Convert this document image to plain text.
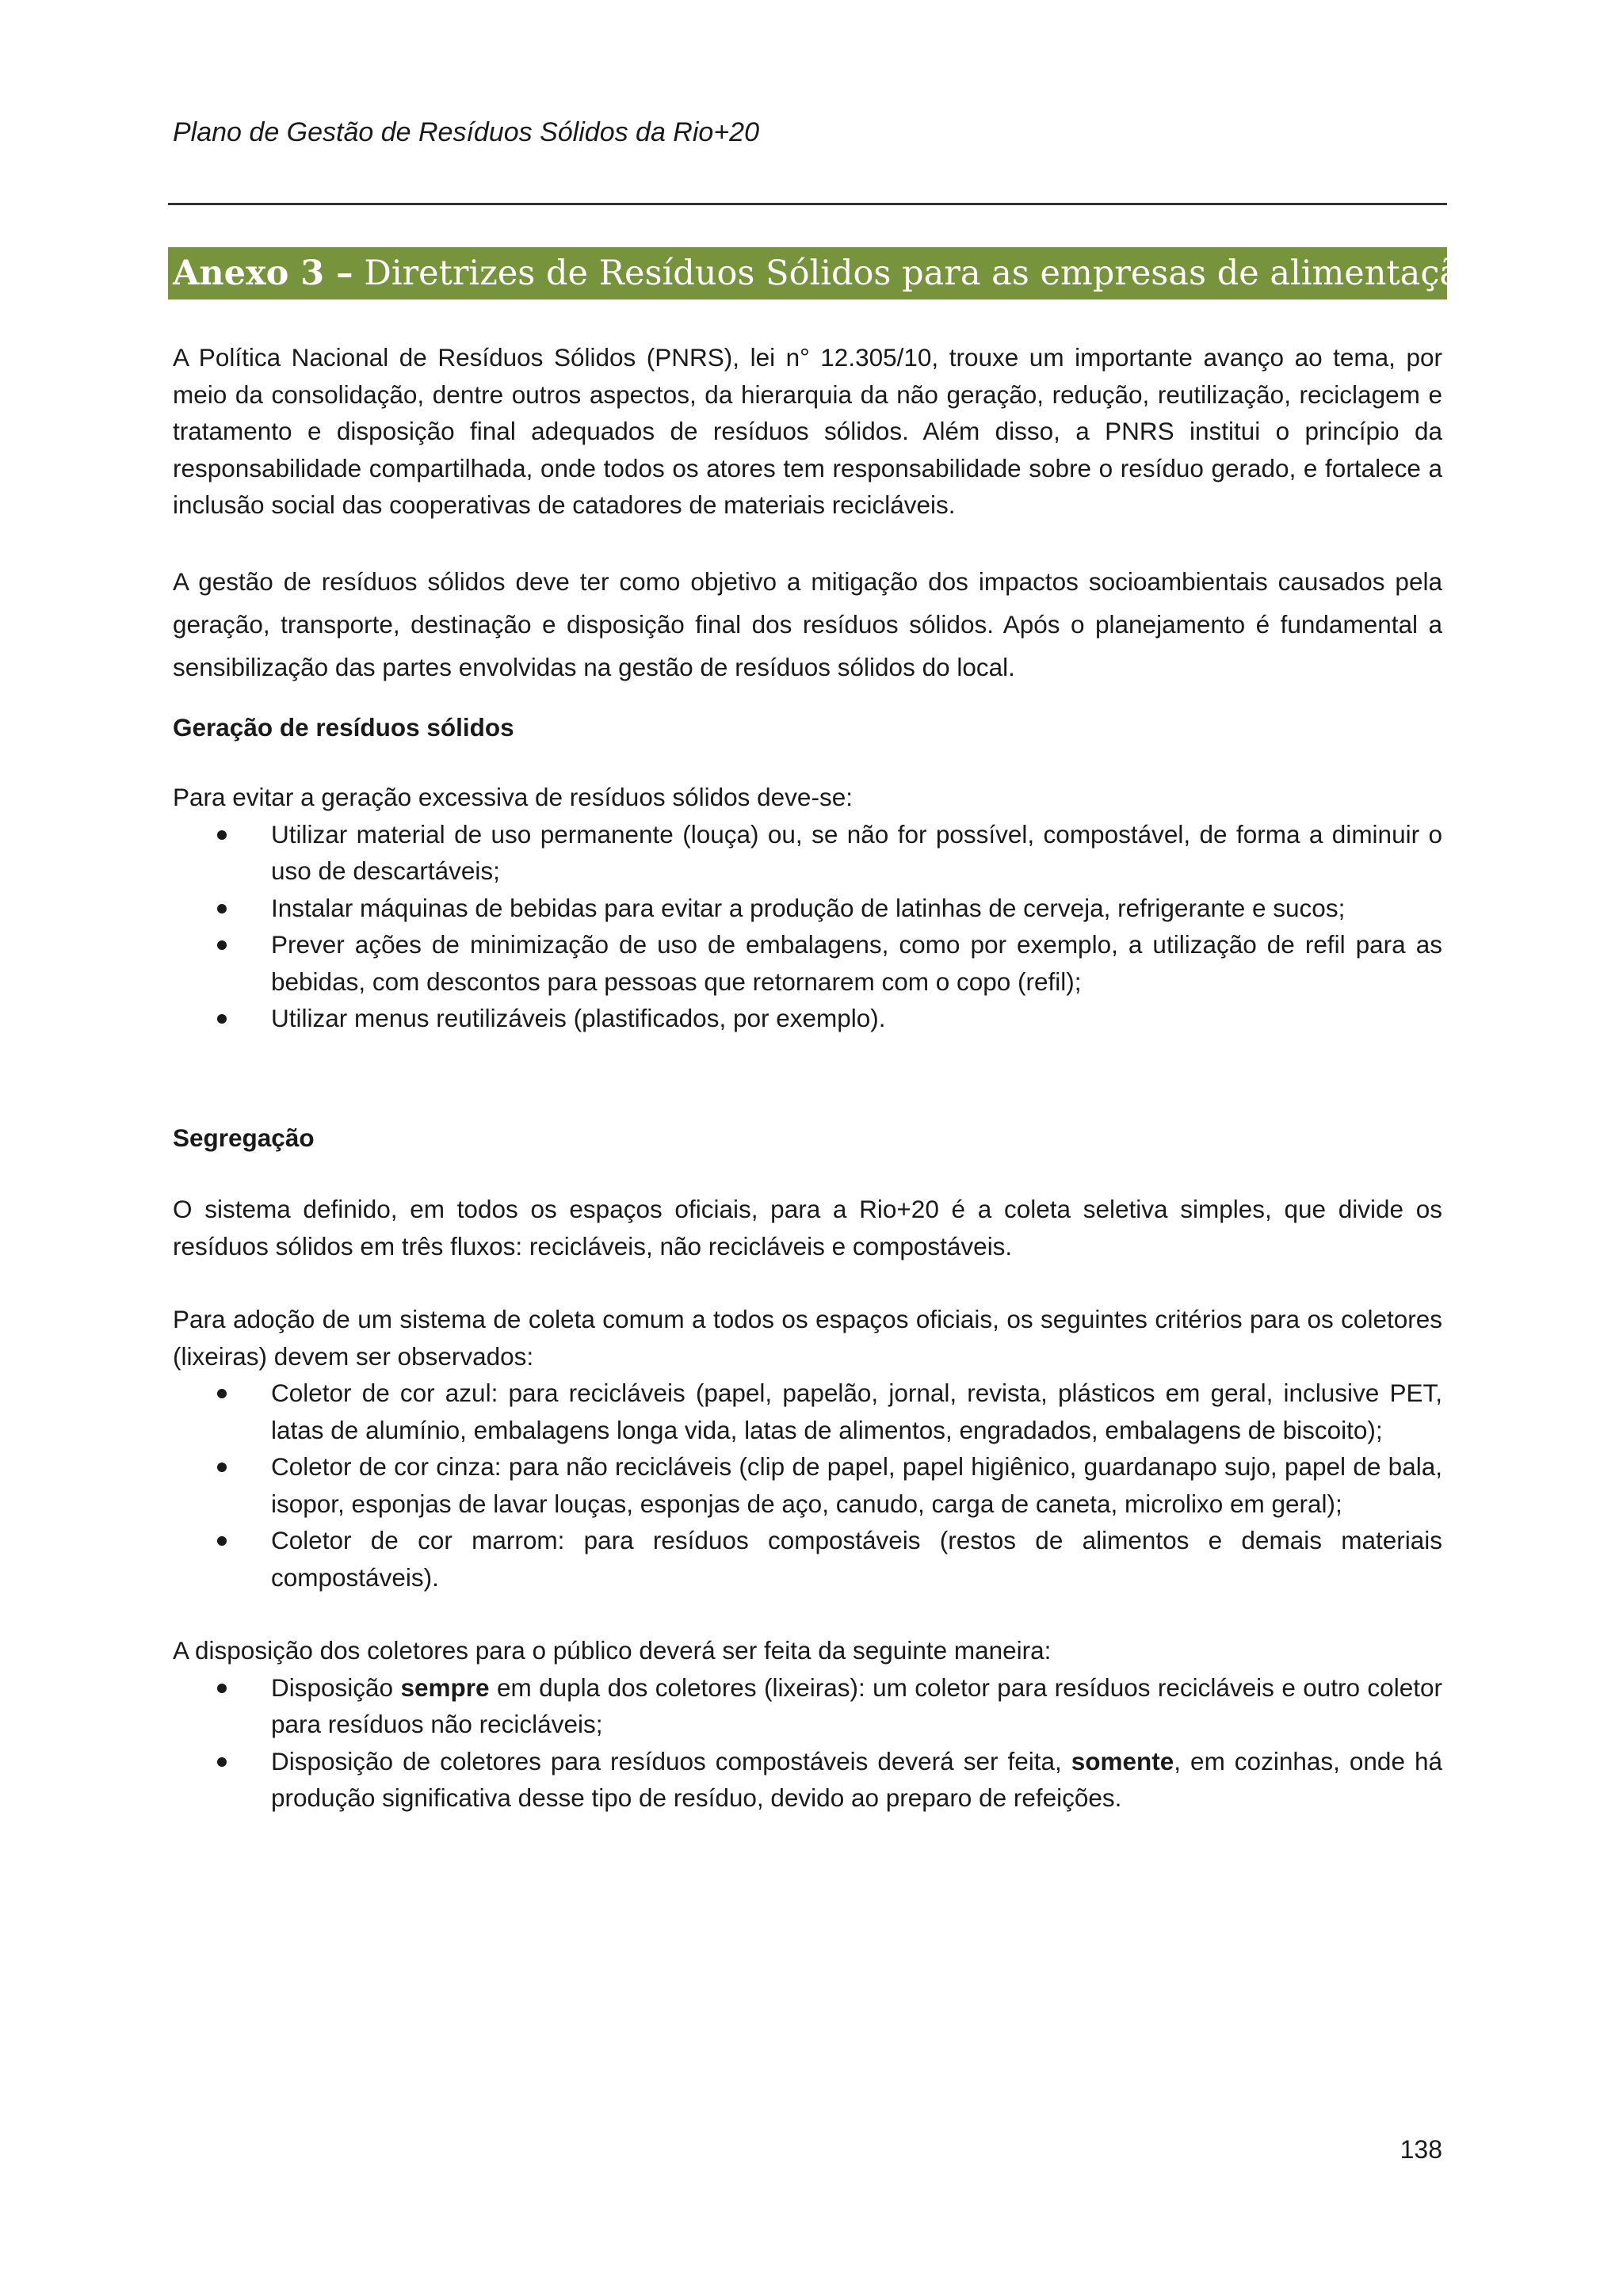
Plano de Gestão de Resíduos Sólidos da Rio+20
Anexo 3 – Diretrizes de Resíduos Sólidos para as empresas de alimentação

A Política Nacional de Resíduos Sólidos (PNRS), lei n° 12.305/10, trouxe um importante avanço ao tema, por meio da consolidação, dentre outros aspectos, da hierarquia da não geração, redução, reutilização, reciclagem e tratamento e disposição final adequados de resíduos sólidos. Além disso, a PNRS institui o princípio da responsabilidade compartilhada, onde todos os atores tem responsabilidade sobre o resíduo gerado, e fortalece a inclusão social das cooperativas de catadores de materiais recicláveis.

A gestão de resíduos sólidos deve ter como objetivo a mitigação dos impactos socioambientais causados pela geração, transporte, destinação e disposição final dos resíduos sólidos. Após o planejamento é fundamental a sensibilização das partes envolvidas na gestão de resíduos sólidos do local.

Geração de resíduos sólidos

Para evitar a geração excessiva de resíduos sólidos deve-se:

Utilizar material de uso permanente (louça) ou, se não for possível, compostável, de forma a diminuir o uso de descartáveis;
Instalar máquinas de bebidas para evitar a produção de latinhas de cerveja, refrigerante e sucos;
Prever ações de minimização de uso de embalagens, como por exemplo, a utilização de refil para as bebidas, com descontos para pessoas que retornarem com o copo (refil);
Utilizar menus reutilizáveis (plastificados, por exemplo).

Segregação

O sistema definido, em todos os espaços oficiais, para a Rio+20 é a coleta seletiva simples, que divide os resíduos sólidos em três fluxos: recicláveis, não recicláveis e compostáveis.

Para adoção de um sistema de coleta comum a todos os espaços oficiais, os seguintes critérios para os coletores (lixeiras) devem ser observados:

Coletor de cor azul: para recicláveis (papel, papelão, jornal, revista, plásticos em geral, inclusive PET, latas de alumínio, embalagens longa vida, latas de alimentos, engradados, embalagens de biscoito);
Coletor de cor cinza: para não recicláveis (clip de papel, papel higiênico, guardanapo sujo, papel de bala, isopor, esponjas de lavar louças, esponjas de aço, canudo, carga de caneta, microlixo em geral);
Coletor de cor marrom: para resíduos compostáveis (restos de alimentos e demais materiais compostáveis).

A disposição dos coletores para o público deverá ser feita da seguinte maneira:

Disposição sempre em dupla dos coletores (lixeiras): um coletor para resíduos recicláveis e outro coletor para resíduos não recicláveis;
Disposição de coletores para resíduos compostáveis deverá ser feita, somente, em cozinhas, onde há produção significativa desse tipo de resíduo, devido ao preparo de refeições.
138
